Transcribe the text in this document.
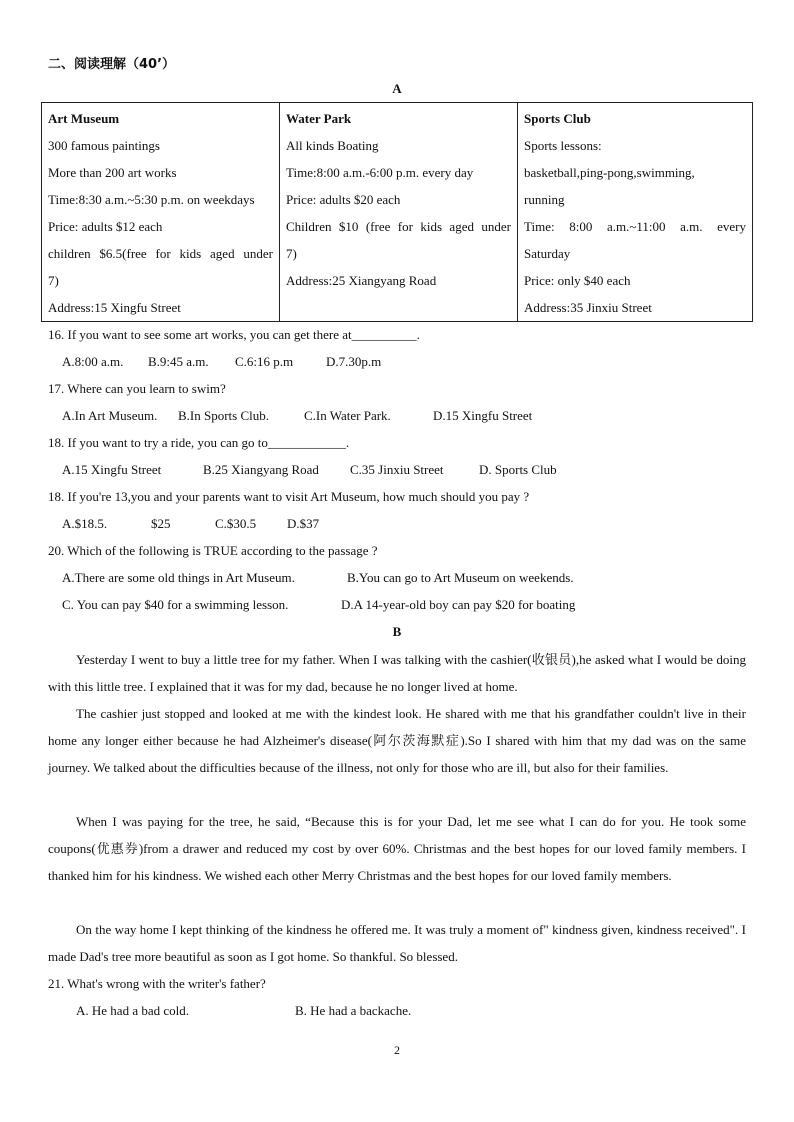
二、阅读理解（40’）
A
Art Museum
300 famous paintings
More than 200 art works
Time:8:30 a.m.~5:30 p.m. on weekdays
Price: adults $12 each
children $6.5(free for kids aged under
7)
Address:15 Xingfu Street

Water Park
All kinds Boating
Time:8:00 a.m.-6:00 p.m. every day
Price: adults $20 each
Children $10 (free for kids aged under
7)
Address:25 Xiangyang Road

Sports Club
Sports lessons:
basketball,ping-pong,swimming,
running
Time: 8:00 a.m.~11:00 a.m. every
Saturday
Price: only $40 each
Address:35 Jinxiu Street
16. If you want to see some art works, you can get there at__________.
A.8:00 a.m. B.9:45 a.m. C.6:16 p.m	D.7.30p.m
17. Where can you learn to swim?
A.In Art Museum. B.In Sports Club.	C.In Water Park.	D.15 Xingfu Street
18. If you want to try a ride, you can go to____________.
A.15 Xingfu Street	B.25 Xiangyang Road C.35 Jinxiu Street	D. Sports Club
18. If you're 13,you and your parents want to visit Art Museum, how much should you pay ?
A.$18.5.	$25	C.$30.5 D.$37
20. Which of the following is TRUE according to the passage ?
A.There are some old things in Art Museum.	B.You can go to Art Museum on weekends.
C. You can pay $40 for a swimming lesson.	D.A 14-year-old boy can pay $20 for boating
B

Yesterday I went to buy a little tree for my father. When I was talking with the cashier(收银员),he asked what I would be doing with this little tree. I explained that it was for my dad, because he no longer lived at home.

The cashier just stopped and looked at me with the kindest look. He shared with me that his grandfather couldn't live in their home any longer either because he had Alzheimer's disease(阿尔茨海默症).So I shared with him that my dad was on the same journey. We talked about the difficulties because of the illness, not only for those who are ill, but also for their families.

When I was paying for the tree, he said, “Because this is for your Dad, let me see what I can do for you. He took some coupons(优惠券)from a drawer and reduced my cost by over 60%. Christmas and the best hopes for our loved family members. I thanked him for his kindness. We wished each other Merry Christmas and the best hopes for our loved family members.

On the way home I kept thinking of the kindness he offered me. It was truly a moment of" kindness given, kindness received". I made Dad's tree more beautiful as soon as I got home. So thankful. So blessed.

21. What's wrong with the writer's father?
A. He had a bad cold.	B. He had a backache.
2
